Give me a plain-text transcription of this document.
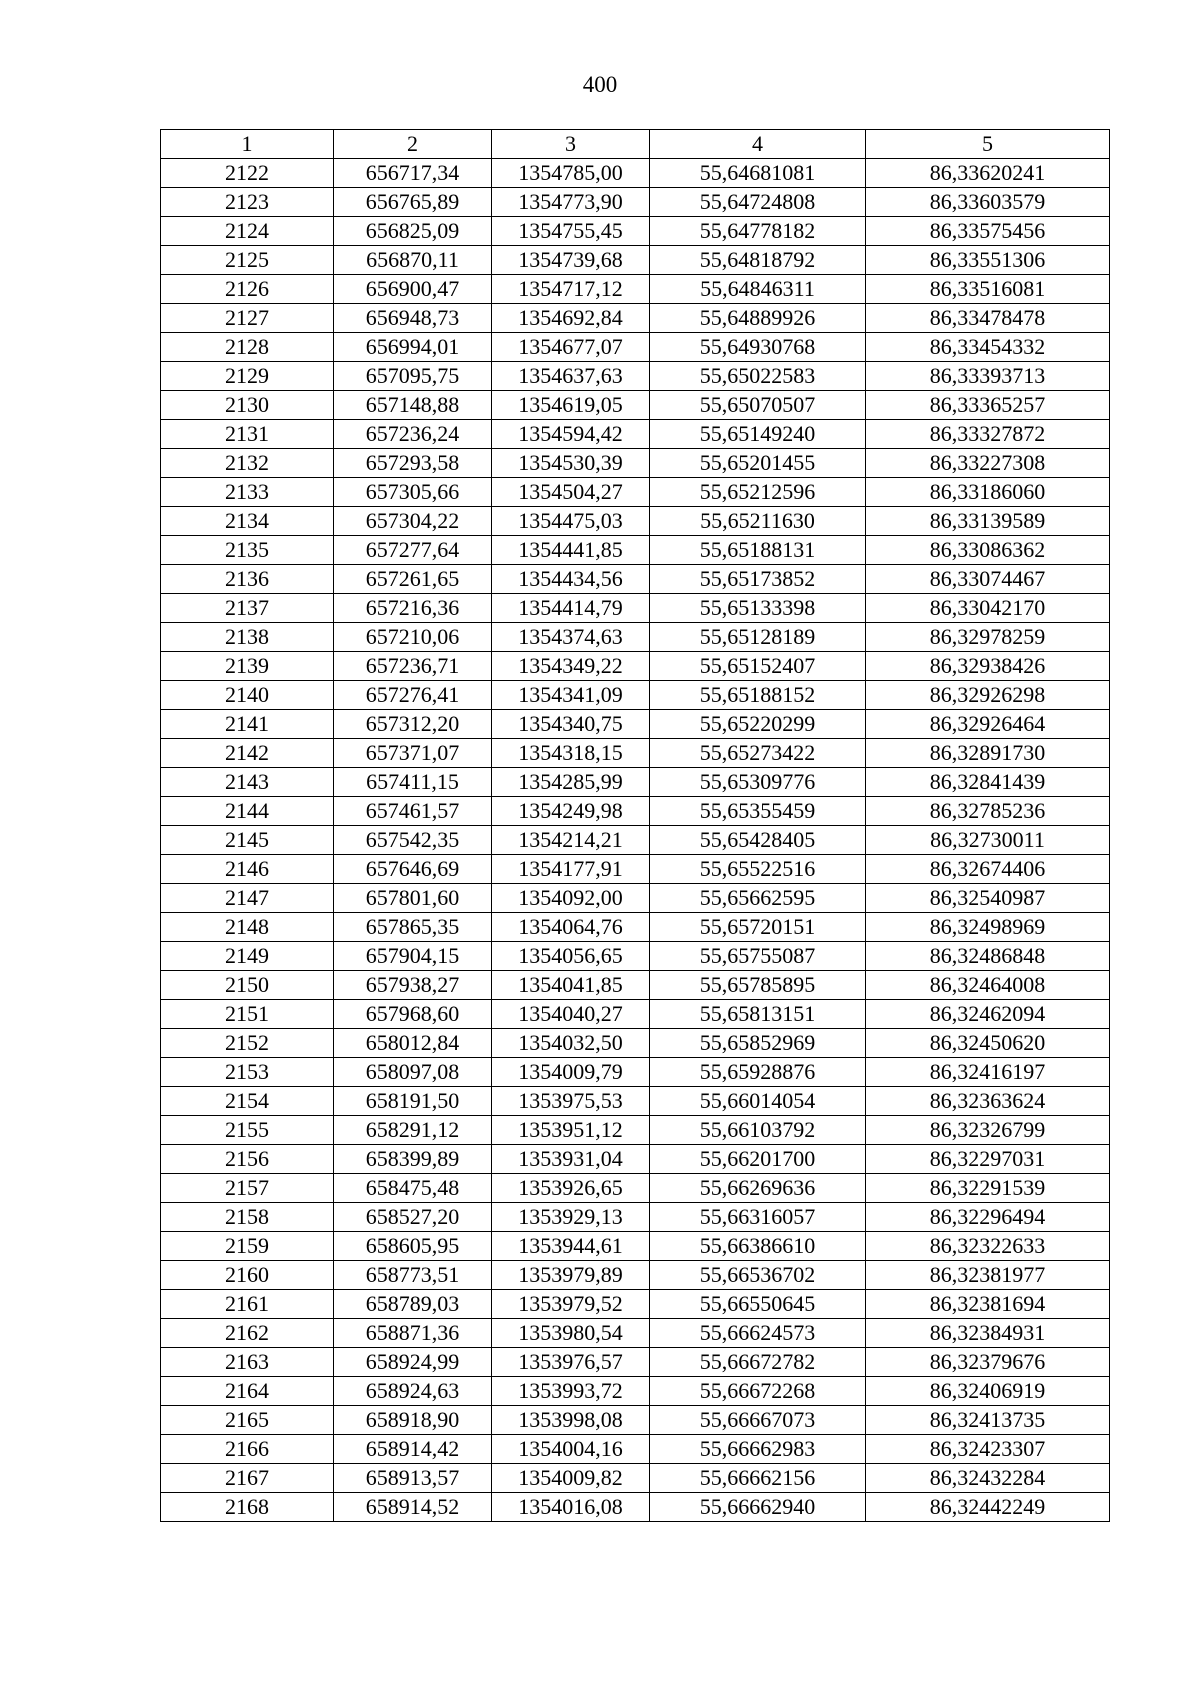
400
1	2	3	4	5
2122	656717,34	1354785,00	55,64681081	86,33620241
2123	656765,89	1354773,90	55,64724808	86,33603579
2124	656825,09	1354755,45	55,64778182	86,33575456
2125	656870,11	1354739,68	55,64818792	86,33551306
2126	656900,47	1354717,12	55,64846311	86,33516081
2127	656948,73	1354692,84	55,64889926	86,33478478
2128	656994,01	1354677,07	55,64930768	86,33454332
2129	657095,75	1354637,63	55,65022583	86,33393713
2130	657148,88	1354619,05	55,65070507	86,33365257
2131	657236,24	1354594,42	55,65149240	86,33327872
2132	657293,58	1354530,39	55,65201455	86,33227308
2133	657305,66	1354504,27	55,65212596	86,33186060
2134	657304,22	1354475,03	55,65211630	86,33139589
2135	657277,64	1354441,85	55,65188131	86,33086362
2136	657261,65	1354434,56	55,65173852	86,33074467
2137	657216,36	1354414,79	55,65133398	86,33042170
2138	657210,06	1354374,63	55,65128189	86,32978259
2139	657236,71	1354349,22	55,65152407	86,32938426
2140	657276,41	1354341,09	55,65188152	86,32926298
2141	657312,20	1354340,75	55,65220299	86,32926464
2142	657371,07	1354318,15	55,65273422	86,32891730
2143	657411,15	1354285,99	55,65309776	86,32841439
2144	657461,57	1354249,98	55,65355459	86,32785236
2145	657542,35	1354214,21	55,65428405	86,32730011
2146	657646,69	1354177,91	55,65522516	86,32674406
2147	657801,60	1354092,00	55,65662595	86,32540987
2148	657865,35	1354064,76	55,65720151	86,32498969
2149	657904,15	1354056,65	55,65755087	86,32486848
2150	657938,27	1354041,85	55,65785895	86,32464008
2151	657968,60	1354040,27	55,65813151	86,32462094
2152	658012,84	1354032,50	55,65852969	86,32450620
2153	658097,08	1354009,79	55,65928876	86,32416197
2154	658191,50	1353975,53	55,66014054	86,32363624
2155	658291,12	1353951,12	55,66103792	86,32326799
2156	658399,89	1353931,04	55,66201700	86,32297031
2157	658475,48	1353926,65	55,66269636	86,32291539
2158	658527,20	1353929,13	55,66316057	86,32296494
2159	658605,95	1353944,61	55,66386610	86,32322633
2160	658773,51	1353979,89	55,66536702	86,32381977
2161	658789,03	1353979,52	55,66550645	86,32381694
2162	658871,36	1353980,54	55,66624573	86,32384931
2163	658924,99	1353976,57	55,66672782	86,32379676
2164	658924,63	1353993,72	55,66672268	86,32406919
2165	658918,90	1353998,08	55,66667073	86,32413735
2166	658914,42	1354004,16	55,66662983	86,32423307
2167	658913,57	1354009,82	55,66662156	86,32432284
2168	658914,52	1354016,08	55,66662940	86,32442249
